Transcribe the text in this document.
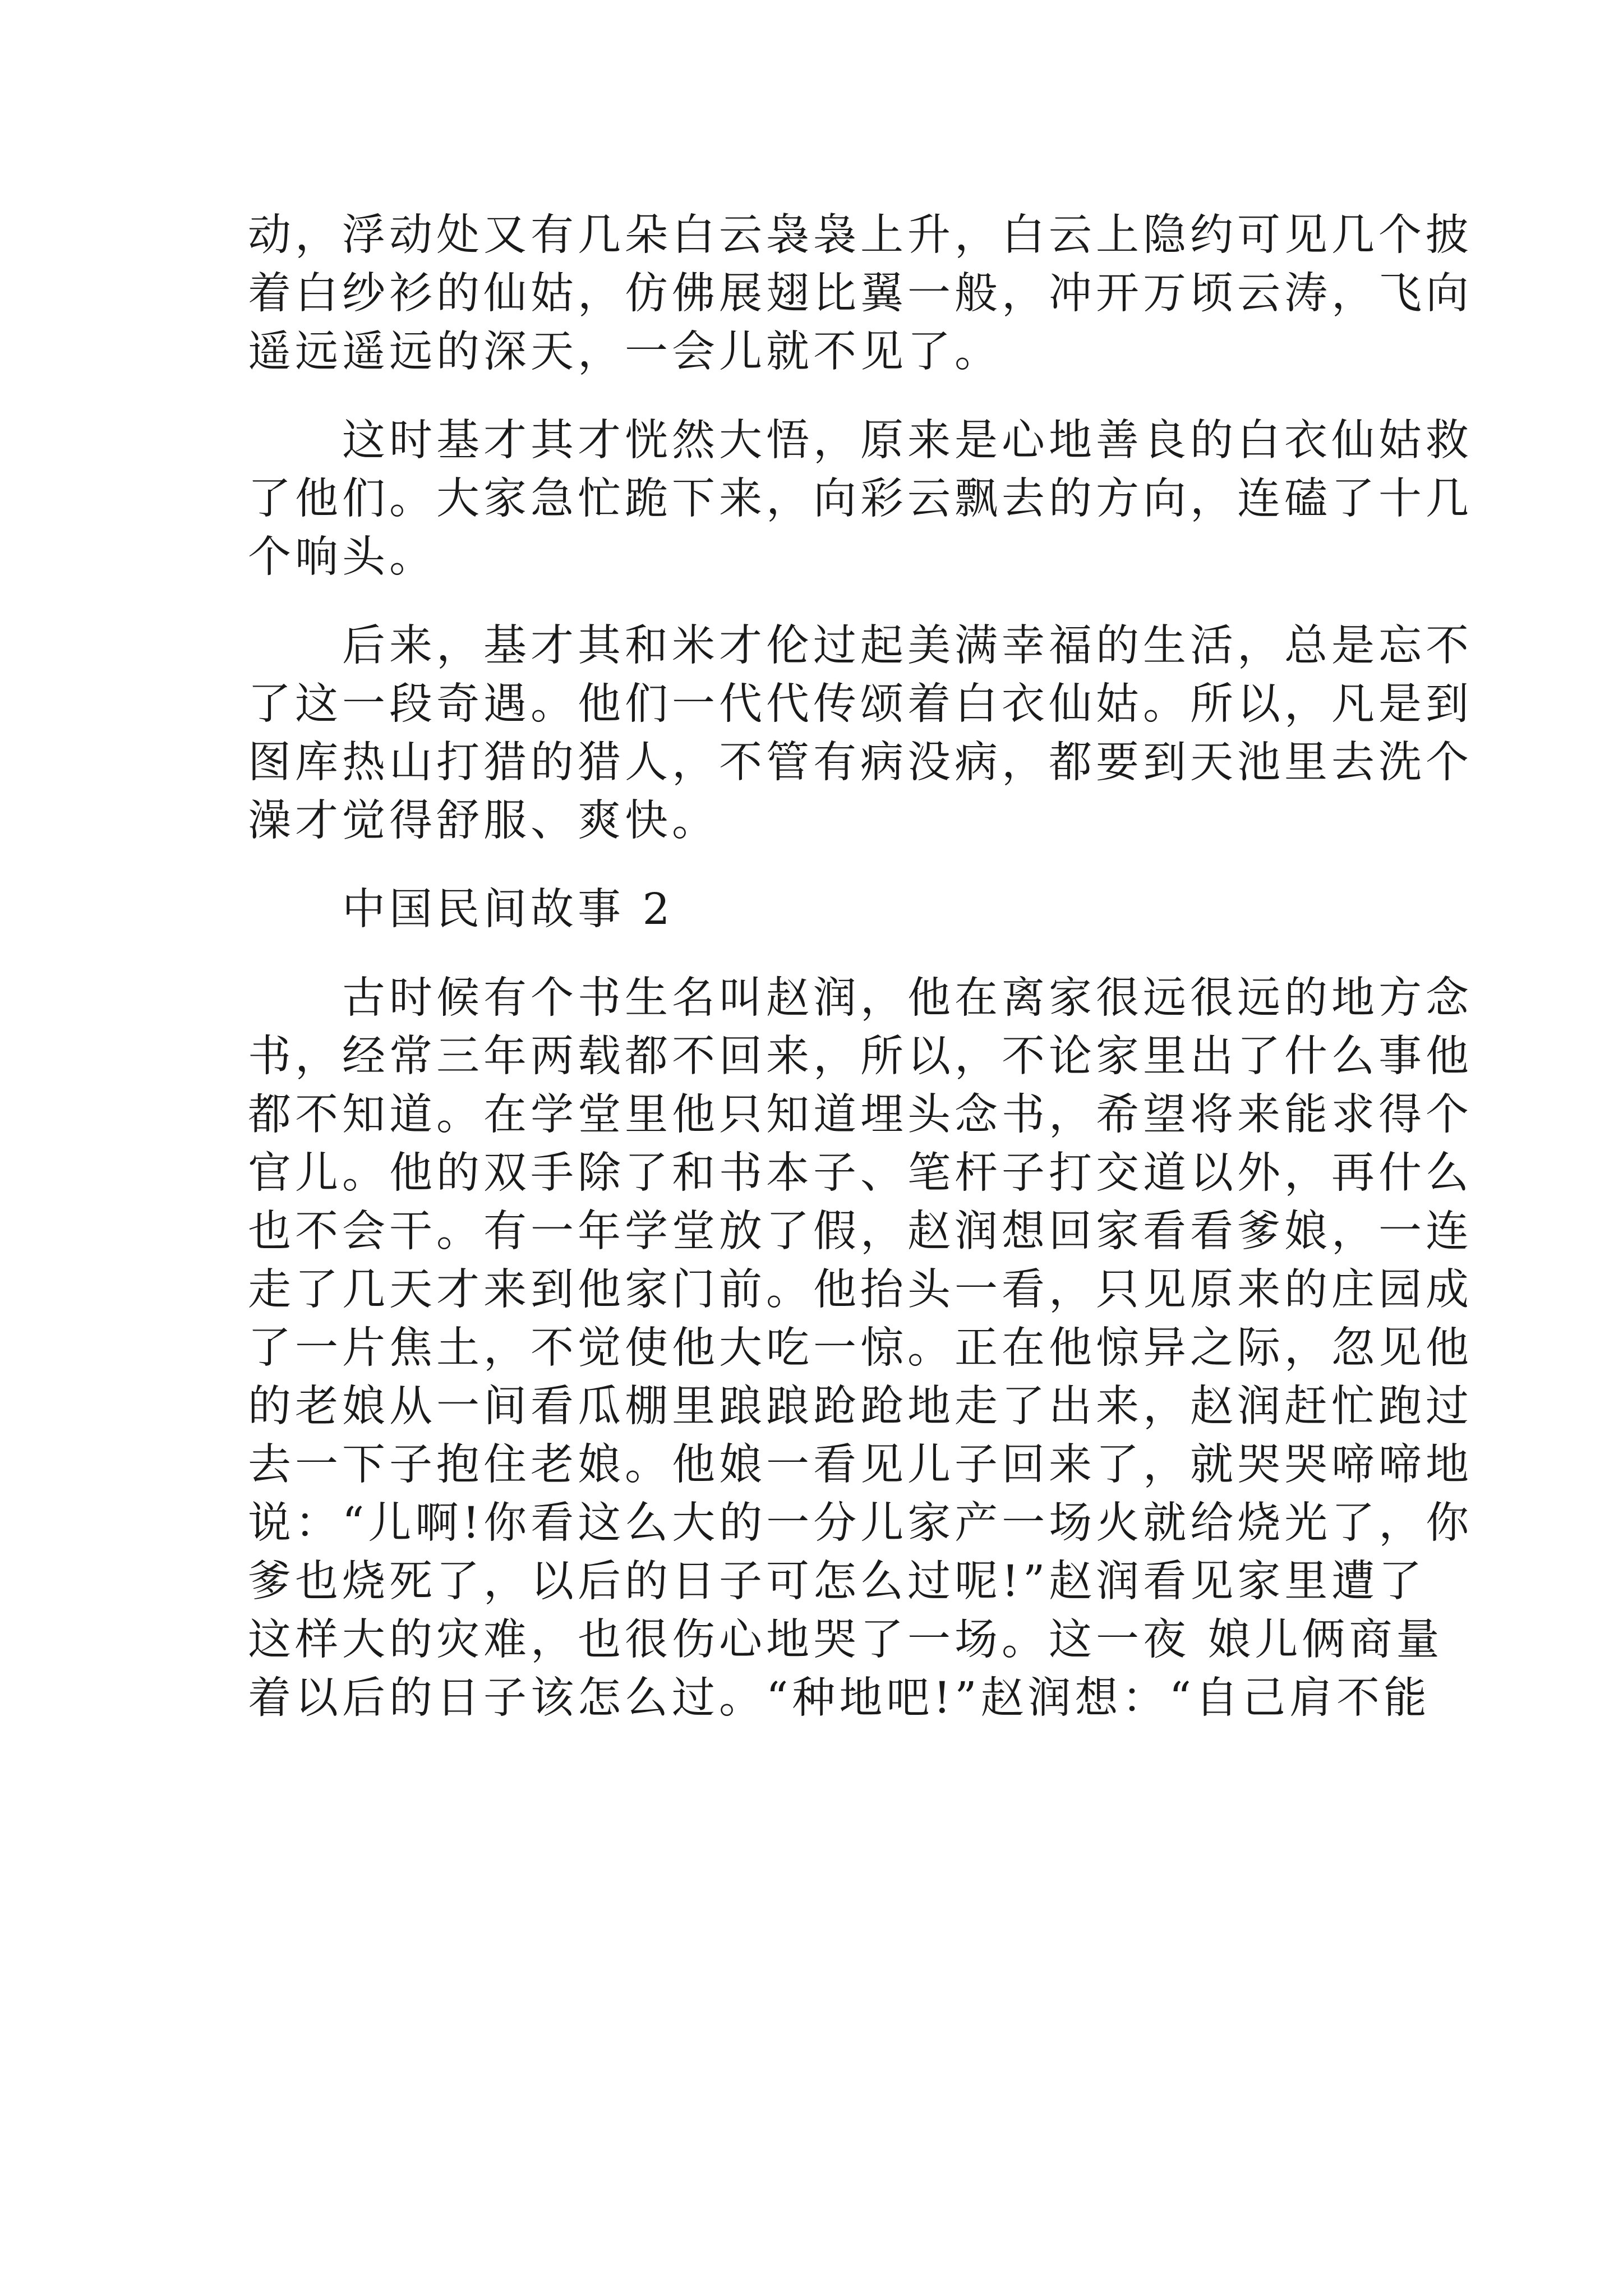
动，浮动处又有几朵白云袅袅上升，白云上隐约可见几个披
着白纱衫的仙姑，仿佛展翅比翼一般，冲开万顷云涛，飞向
遥远遥远的深天，一会儿就不见了。
这时基才其才恍然大悟，原来是心地善良的白衣仙姑救
了他们。大家急忙跪下来，向彩云飘去的方向，连磕了十几
个响头。
后来，基才其和米才伦过起美满幸福的生活，总是忘不
了这一段奇遇。他们一代代传颂着白衣仙姑。所以，凡是到
图库热山打猎的猎人，不管有病没病，都要到天池里去洗个
澡才觉得舒服、爽快。
中国民间故事 2
古时候有个书生名叫赵润，他在离家很远很远的地方念
书，经常三年两载都不回来，所以，不论家里出了什么事他
都不知道。在学堂里他只知道埋头念书，希望将来能求得个
官儿。他的双手除了和书本子、笔杆子打交道以外，再什么
也不会干。有一年学堂放了假，赵润想回家看看爹娘，一连
走了几天才来到他家门前。他抬头一看，只见原来的庄园成
了一片焦土，不觉使他大吃一惊。正在他惊异之际，忽见他
的老娘从一间看瓜棚里踉踉跄跄地走了出来，赵润赶忙跑过
去一下子抱住老娘。他娘一看见儿子回来了，就哭哭啼啼地
说：“儿啊!你看这么大的一分儿家产一场火就给烧光了，你
爹也烧死了，以后的日子可怎么过呢!”赵润看见家里遭了
这样大的灾难，也很伤心地哭了一场。这一夜 娘儿俩商量
着以后的日子该怎么过。“种地吧!”赵润想：“自己肩不能
